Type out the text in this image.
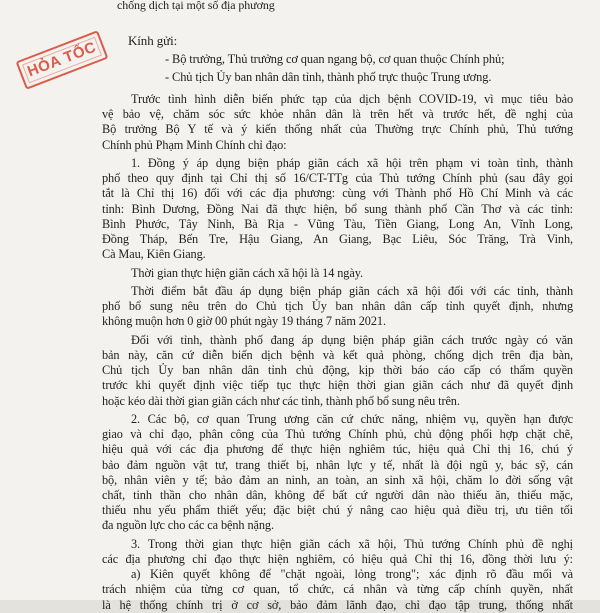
chống dịch tại một số địa phương
HỎA TỐC	Kính gửi:
- Bộ trưởng, Thủ trưởng cơ quan ngang bộ, cơ quan thuộc Chính phủ;
- Chủ tịch Ủy ban nhân dân tỉnh, thành phố trực thuộc Trung ương.
Trước tình hình diễn biến phức tạp của dịch bệnh COVID-19, vì mục tiêu bảo
vệ bảo vệ, chăm sóc sức khỏe nhân dân là trên hết và trước hết, đề nghị của
Bộ trưởng Bộ Y tế và ý kiến thống nhất của Thường trực Chính phủ, Thủ tướng
Chính phủ Phạm Minh Chính chỉ đạo:
1. Đồng ý áp dụng biện pháp giãn cách xã hội trên phạm vi toàn tỉnh, thành
phố theo quy định tại Chỉ thị số 16/CT-TTg của Thủ tướng Chính phủ (sau đây gọi
tắt là Chỉ thị 16) đối với các địa phương: cùng với Thành phố Hồ Chí Minh và các
tỉnh: Bình Dương, Đồng Nai đã thực hiện, bổ sung thành phố Cần Thơ và các tỉnh:
Bình Phước, Tây Ninh, Bà Rịa - Vũng Tàu, Tiền Giang, Long An, Vĩnh Long,
Đồng Tháp, Bến Tre, Hậu Giang, An Giang, Bạc Liêu, Sóc Trăng, Trà Vinh,
Cà Mau, Kiên Giang.
Thời gian thực hiện giãn cách xã hội là 14 ngày.
Thời điểm bắt đầu áp dụng biện pháp giãn cách xã hội đối với các tỉnh, thành
phố bổ sung nêu trên do Chủ tịch Ủy ban nhân dân cấp tỉnh quyết định, nhưng
không muộn hơn 0 giờ 00 phút ngày 19 tháng 7 năm 2021.
Đối với tỉnh, thành phố đang áp dụng biện pháp giãn cách trước ngày có văn
bản này, căn cứ diễn biến dịch bệnh và kết quả phòng, chống dịch trên địa bàn,
Chủ tịch Ủy ban nhân dân tỉnh chủ động, kịp thời báo cáo cấp có thẩm quyền
trước khi quyết định việc tiếp tục thực hiện thời gian giãn cách như đã quyết định
hoặc kéo dài thời gian giãn cách như các tỉnh, thành phố bổ sung nêu trên.
2. Các bộ, cơ quan Trung ương căn cứ chức năng, nhiệm vụ, quyền hạn được
giao và chỉ đạo, phân công của Thủ tướng Chính phủ, chủ động phối hợp chặt chẽ,
hiệu quả với các địa phương để thực hiện nghiêm túc, hiệu quả Chỉ thị 16, chú ý
bảo đảm nguồn vật tư, trang thiết bị, nhân lực y tế, nhất là đội ngũ y, bác sỹ, cán
bộ, nhân viên y tế; bảo đảm an ninh, an toàn, an sinh xã hội, chăm lo đời sống vật
chất, tinh thần cho nhân dân, không để bất cứ người dân nào thiếu ăn, thiếu mặc,
thiếu nhu yếu phẩm thiết yếu; đặc biệt chú ý nâng cao hiệu quả điều trị, ưu tiên tối
đa nguồn lực cho các ca bệnh nặng.
3. Trong thời gian thực hiện giãn cách xã hội, Thủ tướng Chính phủ đề nghị
các địa phương chỉ đạo thực hiện nghiêm, có hiệu quả Chỉ thị 16, đồng thời lưu ý:
a) Kiên quyết không để "chặt ngoài, lỏng trong"; xác định rõ đầu mối và
trách nhiệm của từng cơ quan, tổ chức, cá nhân và từng cấp chính quyền, nhất
là hệ thống chính trị ở cơ sở, bảo đảm lãnh đạo, chỉ đạo tập trung, thống nhất
